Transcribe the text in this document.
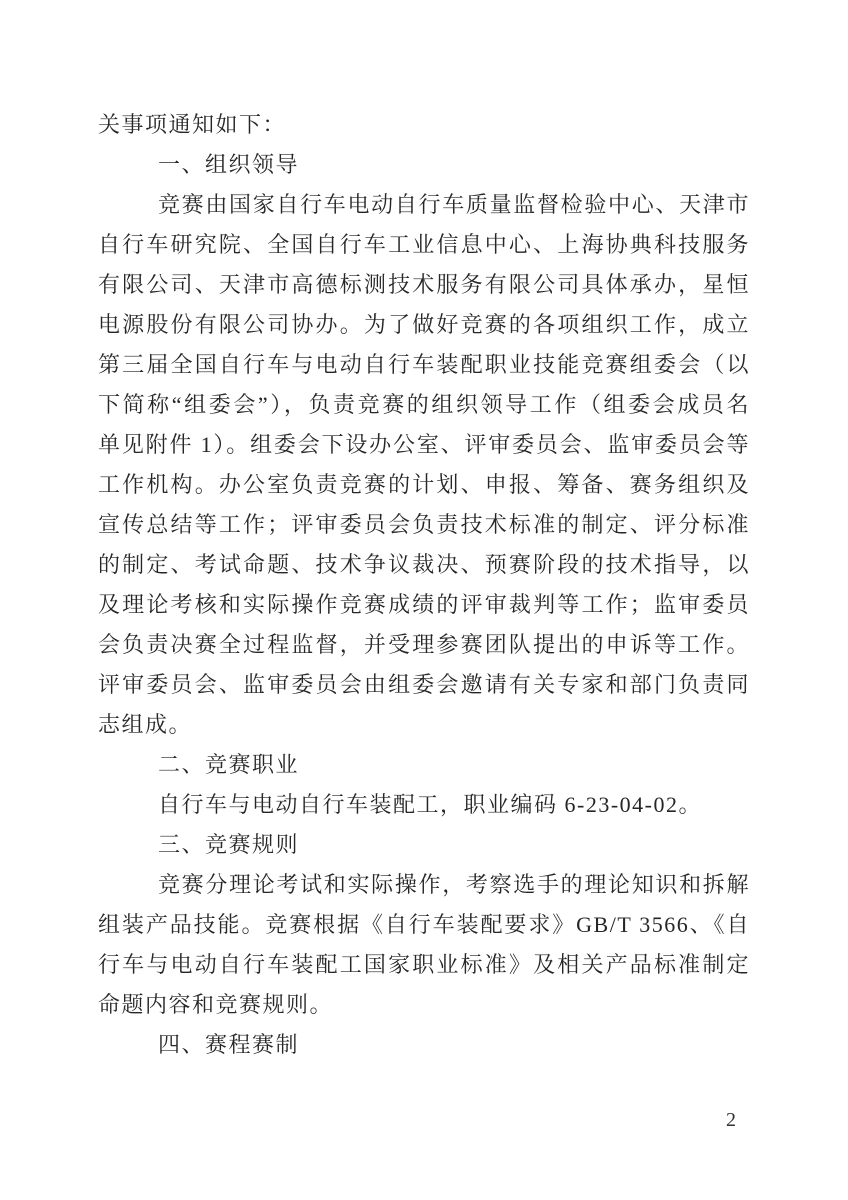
关事项通知如下：
一、组织领导
竞赛由国家自行车电动自行车质量监督检验中心、天津市
自行车研究院、全国自行车工业信息中心、上海协典科技服务
有限公司、天津市高德标测技术服务有限公司具体承办，星恒
电源股份有限公司协办。为了做好竞赛的各项组织工作，成立
第三届全国自行车与电动自行车装配职业技能竞赛组委会（以
下简称“组委会”），负责竞赛的组织领导工作（组委会成员名
单见附件 1）。组委会下设办公室、评审委员会、监审委员会等
工作机构。办公室负责竞赛的计划、申报、筹备、赛务组织及
宣传总结等工作；评审委员会负责技术标准的制定、评分标准
的制定、考试命题、技术争议裁决、预赛阶段的技术指导，以
及理论考核和实际操作竞赛成绩的评审裁判等工作；监审委员
会负责决赛全过程监督，并受理参赛团队提出的申诉等工作。
评审委员会、监审委员会由组委会邀请有关专家和部门负责同
志组成。
二、竞赛职业
自行车与电动自行车装配工，职业编码 6-23-04-02。
三、竞赛规则
竞赛分理论考试和实际操作，考察选手的理论知识和拆解
组装产品技能。竞赛根据《自行车装配要求》GB/T 3566、《自
行车与电动自行车装配工国家职业标准》及相关产品标准制定
命题内容和竞赛规则。
四、赛程赛制
2
